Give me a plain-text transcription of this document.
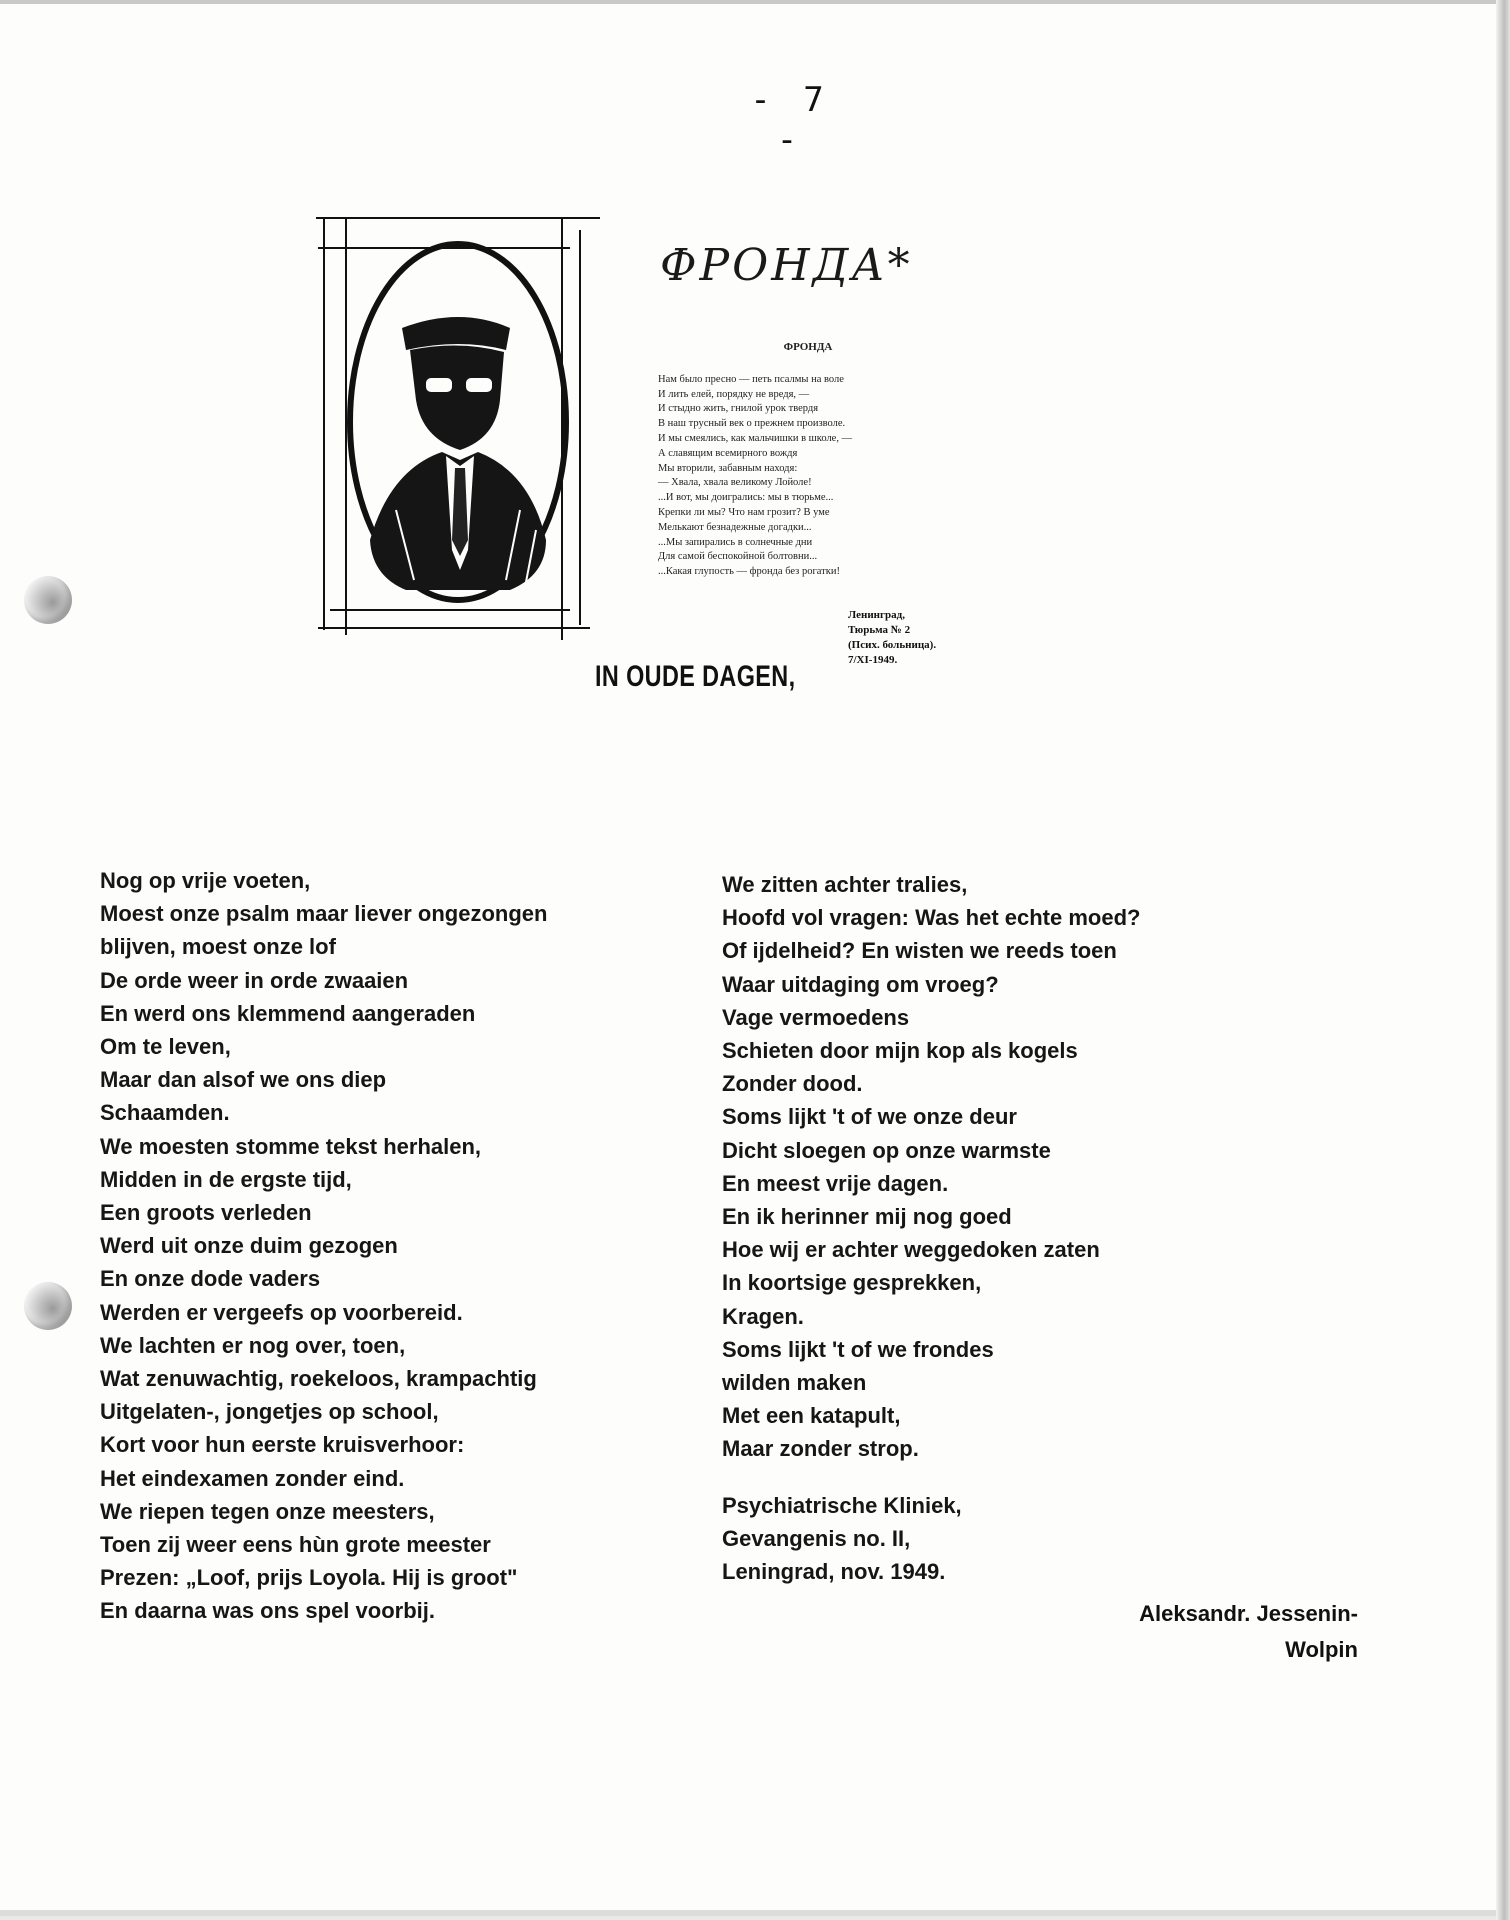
- 7 -
ФРОНДА*
ФРОНДА
Нам было пресно — петь псалмы на воле
И лить елей, порядку не вредя, —
И стыдно жить, гнилой урок твердя
В наш трусный век о прежнем произволе.
И мы смеялись, как мальчишки в школе, —
А славящим всемирного вождя
Мы вторили, забавным находя:
— Хвала, хвала великому Лойоле!
...И вот, мы доигрались: мы в тюрьме...
Крепки ли мы? Что нам грозит? В уме
Мелькают безнадежные догадки...
...Мы запирались в солнечные дни
Для самой беспокойной болтовни...
...Какая глупость — фронда без рогатки!
Ленинград,
Тюрьма № 2
(Псих. больница).
7/XI-1949.
IN OUDE DAGEN,
Nog op vrije voeten,
Moest onze psalm maar liever ongezongen
blijven, moest onze lof
De orde weer in orde zwaaien
En werd ons klemmend aangeraden
Om te leven,
Maar dan alsof we ons diep
Schaamden.
We moesten stomme tekst herhalen,
Midden in de ergste tijd,
Een groots verleden
Werd uit onze duim gezogen
En onze dode vaders
Werden er vergeefs op voorbereid.
We lachten er nog over, toen,
Wat zenuwachtig, roekeloos, krampachtig
Uitgelaten-, jongetjes op school,
Kort voor hun eerste kruisverhoor:
Het eindexamen zonder eind.
We riepen tegen onze meesters,
Toen zij weer eens hùn grote meester
Prezen: „Loof, prijs Loyola. Hij is groot"
En daarna was ons spel voorbij.
We zitten achter tralies,
Hoofd vol vragen: Was het echte moed?
Of ijdelheid? En wisten we reeds toen
Waar uitdaging om vroeg?
Vage vermoedens
Schieten door mijn kop als kogels
Zonder dood.
Soms lijkt 't of we onze deur
Dicht sloegen op onze warmste
En meest vrije dagen.
En ik herinner mij nog goed
Hoe wij er achter weggedoken zaten
In koortsige gesprekken,
Kragen.
Soms lijkt 't of we frondes
wilden maken
Met een katapult,
Maar zonder strop.
Psychiatrische Kliniek,
Gevangenis no. II,
Leningrad, nov. 1949.
Aleksandr. Jessenin-
Wolpin
